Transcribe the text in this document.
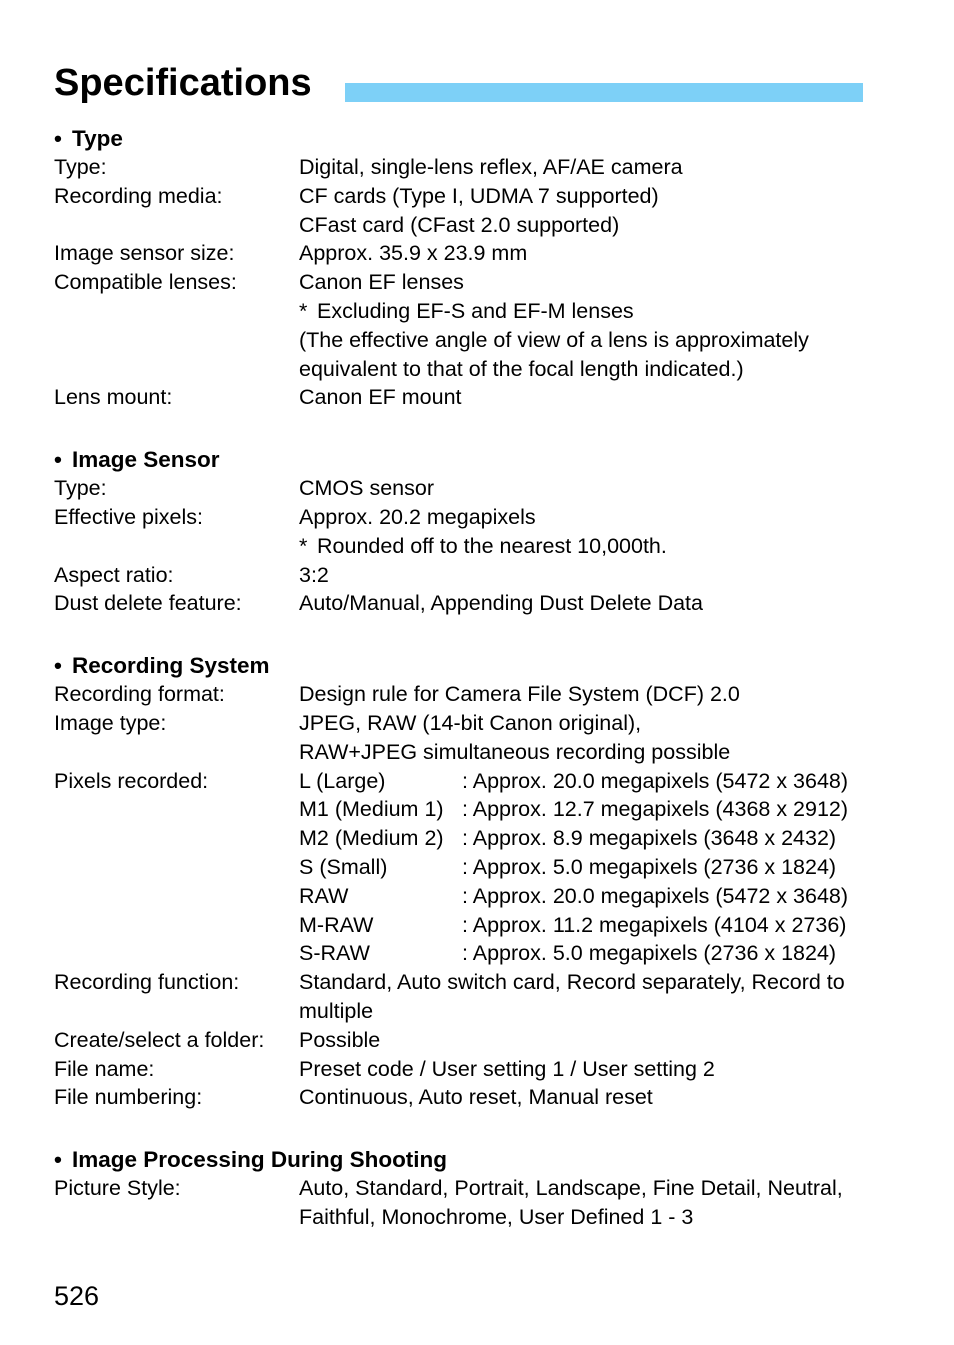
Specifications
• Type
Type:	Digital, single-lens reflex, AF/AE camera
Recording media:	CF cards (Type I, UDMA 7 supported)
CFast card (CFast 2.0 supported)
Image sensor size:	Approx. 35.9 x 23.9 mm
Compatible lenses:	Canon EF lenses
* Excluding EF-S and EF-M lenses
(The effective angle of view of a lens is approximately
equivalent to that of the focal length indicated.)
Lens mount:	Canon EF mount
• Image Sensor
Type:	CMOS sensor
Effective pixels:	Approx. 20.2 megapixels
* Rounded off to the nearest 10,000th.
Aspect ratio:	3:2
Dust delete feature:	Auto/Manual, Appending Dust Delete Data
• Recording System
Recording format:	Design rule for Camera File System (DCF) 2.0
Image type:	JPEG, RAW (14-bit Canon original),
RAW+JPEG simultaneous recording possible
Pixels recorded:	L (Large)	: Approx. 20.0 megapixels (5472 x 3648)
M1 (Medium 1) : Approx. 12.7 megapixels (4368 x 2912)
M2 (Medium 2) : Approx. 8.9 megapixels (3648 x 2432)
S (Small)	: Approx. 5.0 megapixels (2736 x 1824)
RAW	: Approx. 20.0 megapixels (5472 x 3648)
M-RAW	: Approx. 11.2 megapixels (4104 x 2736)
S-RAW	: Approx. 5.0 megapixels (2736 x 1824)
Recording function:	Standard, Auto switch card, Record separately, Record to multiple
Create/select a folder:	Possible
File name:	Preset code / User setting 1 / User setting 2
File numbering:	Continuous, Auto reset, Manual reset
• Image Processing During Shooting
Picture Style:	Auto, Standard, Portrait, Landscape, Fine Detail, Neutral, Faithful, Monochrome, User Defined 1 - 3
526
